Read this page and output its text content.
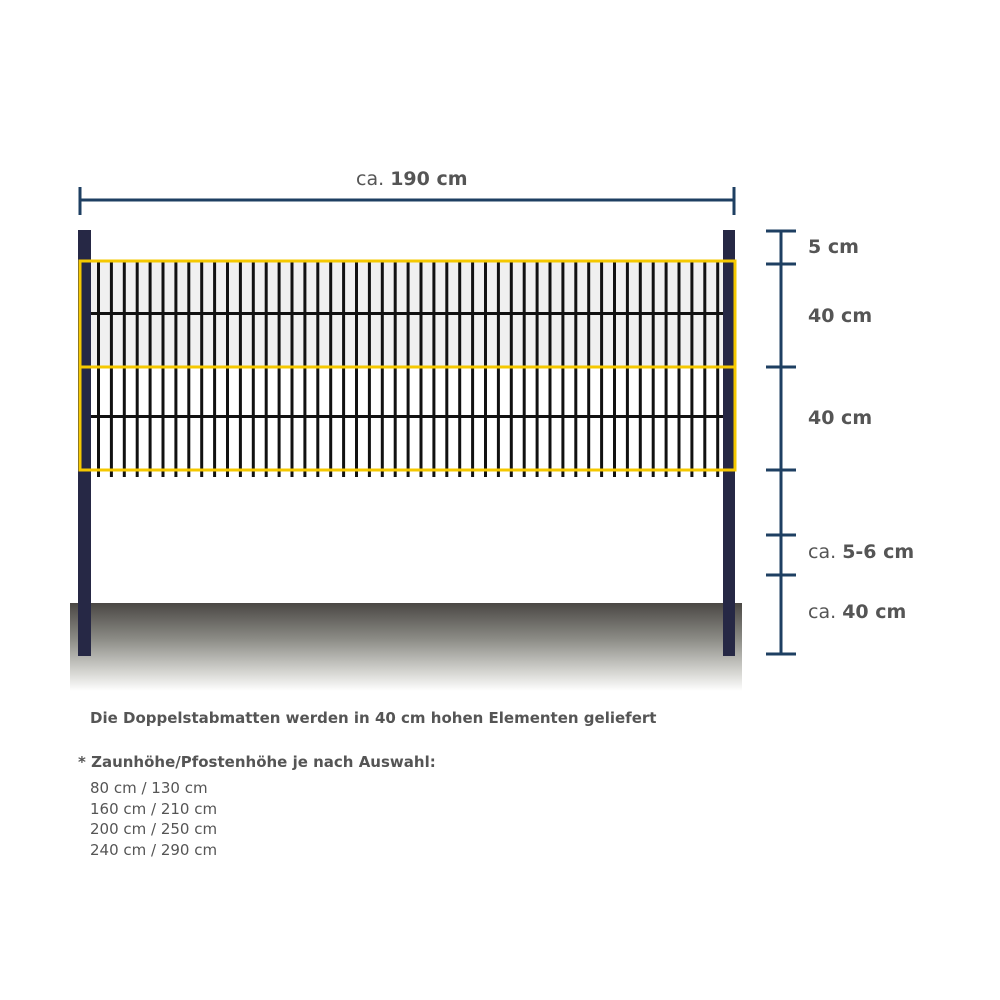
ca. 190 cm
5 cm
40 cm
40 cm
ca. 5-6 cm
ca. 40 cm
Die Doppelstabmatten werden in 40 cm hohen Elementen geliefert
* Zaunhöhe/Pfostenhöhe je nach Auswahl:
80 cm / 130 cm
160 cm / 210 cm
200 cm / 250 cm
240 cm / 290 cm
